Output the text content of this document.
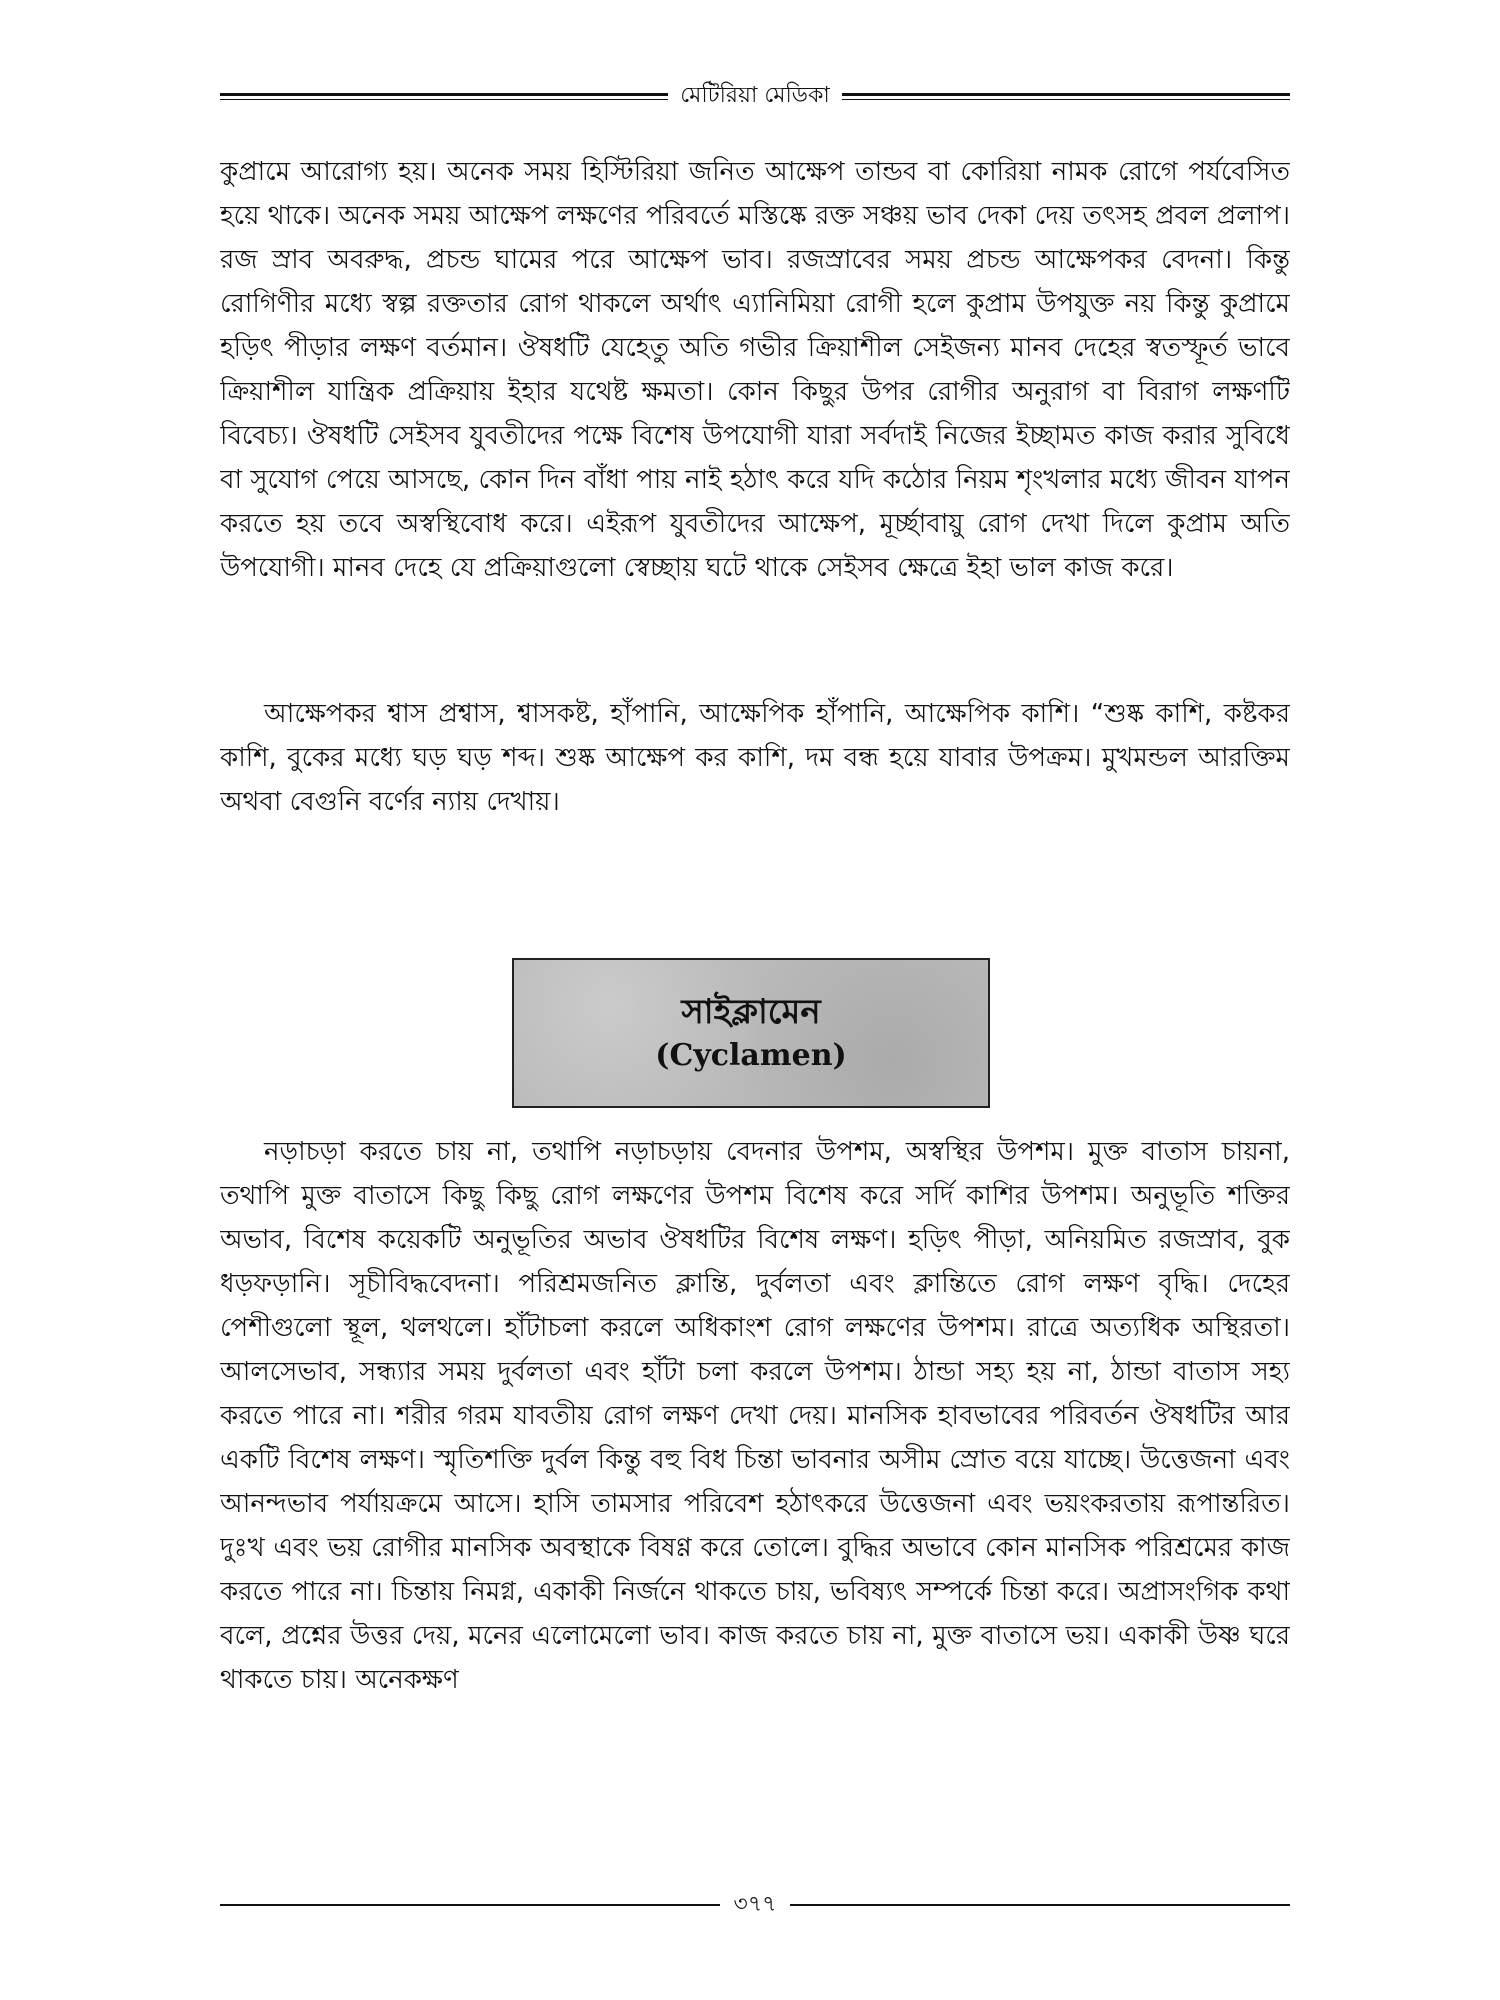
মেটিরিয়া মেডিকা

কুপ্রামে আরোগ্য হয়। অনেক সময় হিস্টিরিয়া জনিত আক্ষেপ তান্ডব বা কোরিয়া নামক রোগে পর্যবেসিত হয়ে থাকে। অনেক সময় আক্ষেপ লক্ষণের পরিবর্তে মস্তিষ্কে রক্ত সঞ্চয় ভাব দেকা দেয় তৎসহ প্রবল প্রলাপ। রজ স্রাব অবরুদ্ধ, প্রচন্ড ঘামের পরে আক্ষেপ ভাব। রজস্রাবের সময় প্রচন্ড আক্ষেপকর বেদনা। কিন্তু রোগিণীর মধ্যে স্বল্প রক্ততার রোগ থাকলে অর্থাৎ এ্যানিমিয়া রোগী হলে কুপ্রাম উপযুক্ত নয় কিন্তু কুপ্রামে হড়িৎ পীড়ার লক্ষণ বর্তমান। ঔষধটি যেহেতু অতি গভীর ক্রিয়াশীল সেইজন্য মানব দেহের স্বতস্ফূর্ত ভাবে ক্রিয়াশীল যান্ত্রিক প্রক্রিয়ায় ইহার যথেষ্ট ক্ষমতা। কোন কিছুর উপর রোগীর অনুরাগ বা বিরাগ লক্ষণটি বিবেচ্য। ঔষধটি সেইসব যুবতীদের পক্ষে বিশেষ উপযোগী যারা সর্বদাই নিজের ইচ্ছামত কাজ করার সুবিধে বা সুযোগ পেয়ে আসছে, কোন দিন বাঁধা পায় নাই হঠাৎ করে যদি কঠোর নিয়ম শৃংখলার মধ্যে জীবন যাপন করতে হয় তবে অস্বস্থিবোধ করে। এইরূপ যুবতীদের আক্ষেপ, মূর্চ্ছাবায়ু রোগ দেখা দিলে কুপ্রাম অতি উপযোগী। মানব দেহে যে প্রক্রিয়াগুলো স্বেচ্ছায় ঘটে থাকে সেইসব ক্ষেত্রে ইহা ভাল কাজ করে।

আক্ষেপকর শ্বাস প্রশ্বাস, শ্বাসকষ্ট, হাঁপানি, আক্ষেপিক হাঁপানি, আক্ষেপিক কাশি। “শুষ্ক কাশি, কষ্টকর কাশি, বুকের মধ্যে ঘড় ঘড় শব্দ। শুষ্ক আক্ষেপ কর কাশি, দম বন্ধ হয়ে যাবার উপক্রম। মুখমন্ডল আরক্তিম অথবা বেগুনি বর্ণের ন্যায় দেখায়।

সাইক্লামেন
(Cyclamen)

নড়াচড়া করতে চায় না, তথাপি নড়াচড়ায় বেদনার উপশম, অস্বস্থির উপশম। মুক্ত বাতাস চায়না, তথাপি মুক্ত বাতাসে কিছু কিছু রোগ লক্ষণের উপশম বিশেষ করে সর্দি কাশির উপশম। অনুভূতি শক্তির অভাব, বিশেষ কয়েকটি অনুভূতির অভাব ঔষধটির বিশেষ লক্ষণ। হড়িৎ পীড়া, অনিয়মিত রজস্রাব, বুক ধড়ফড়ানি। সূচীবিদ্ধবেদনা। পরিশ্রমজনিত ক্লান্তি, দুর্বলতা এবং ক্লান্তিতে রোগ লক্ষণ বৃদ্ধি। দেহের পেশীগুলো স্থূল, থলথলে। হাঁটাচলা করলে অধিকাংশ রোগ লক্ষণের উপশম। রাত্রে অত্যধিক অস্থিরতা। আলসেভাব, সন্ধ্যার সময় দুর্বলতা এবং হাঁটা চলা করলে উপশম। ঠান্ডা সহ্য হয় না, ঠান্ডা বাতাস সহ্য করতে পারে না। শরীর গরম যাবতীয় রোগ লক্ষণ দেখা দেয়। মানসিক হাবভাবের পরিবর্তন ঔষধটির আর একটি বিশেষ লক্ষণ। স্মৃতিশক্তি দুর্বল কিন্তু বহু বিধ চিন্তা ভাবনার অসীম স্রোত বয়ে যাচ্ছে। উত্তেজনা এবং আনন্দভাব পর্যায়ক্রমে আসে। হাসি তামসার পরিবেশ হঠাৎকরে উত্তেজনা এবং ভয়ংকরতায় রূপান্তরিত। দুঃখ এবং ভয় রোগীর মানসিক অবস্থাকে বিষণ্ণ করে তোলে। বুদ্ধির অভাবে কোন মানসিক পরিশ্রমের কাজ করতে পারে না। চিন্তায় নিমগ্ন, একাকী নির্জনে থাকতে চায়, ভবিষ্যৎ সম্পর্কে চিন্তা করে। অপ্রাসংগিক কথা বলে, প্রশ্নের উত্তর দেয়, মনের এলোমেলো ভাব। কাজ করতে চায় না, মুক্ত বাতাসে ভয়। একাকী উষ্ণ ঘরে থাকতে চায়। অনেকক্ষণ

৩৭৭
